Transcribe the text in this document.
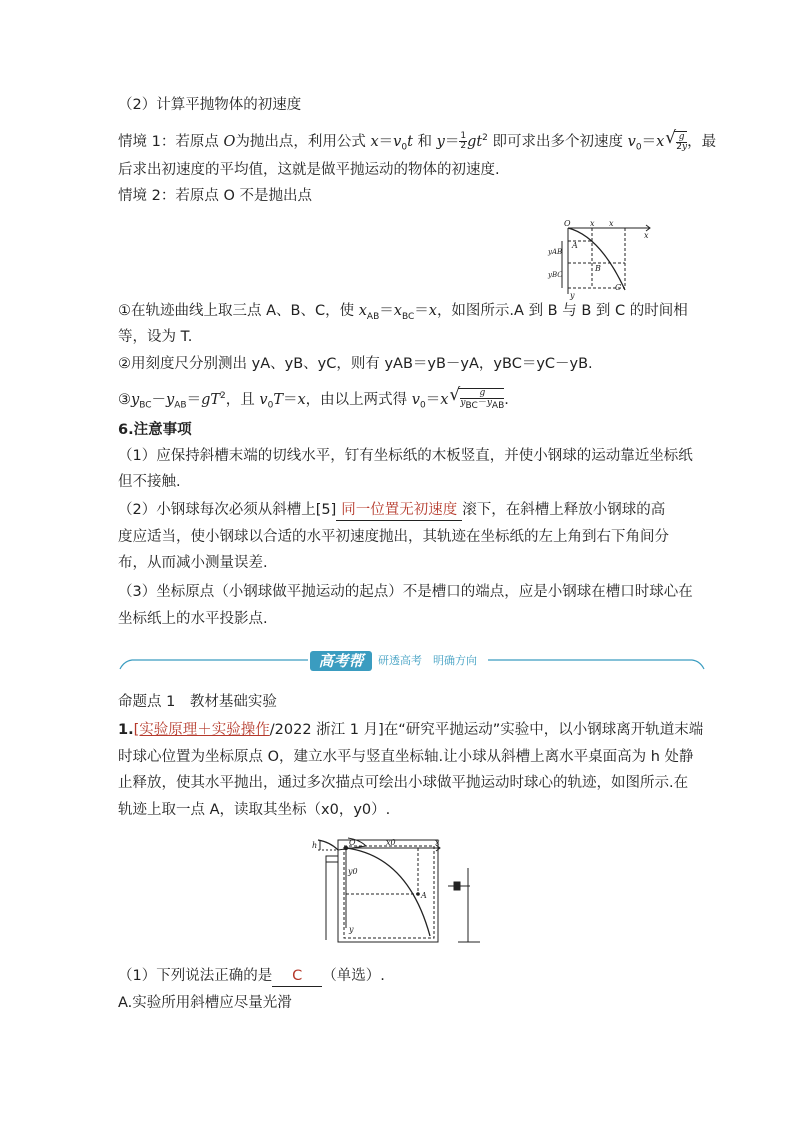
（2）计算平抛物体的初速度
情境 1：若原点 O为抛出点，利用公式 $x=v_0t$ 和 $y= \frac{1}{2} gt^2$ 即可求出多个初速度 $v_0=x$ √ $\frac{g}{2y}$ ，最
后求出初速度的平均值，这就是做平抛运动的物体的初速度.
情境 2：若原点 O 不是抛出点
O x x
x
y
yAB
yBC
A
B
C
①在轨迹曲线上取三点 A、B、C，使 $x_{AB}=x_{BC}=x$，如图所示.A 到 B 与 B 到 C 的时间相
等，设为 T.
②用刻度尺分别测出 yA、yB、yC，则有 yAB＝yB－yA，yBC＝yC－yB.
$③y_{BC}-y_{AB}=gT^2$，且 $v_0T=x$，由以上两式得 $v_0=x$ √ $\frac{g}{y_{BC}-y_{AB}}$ .
6.注意事项
（1）应保持斜槽末端的切线水平，钉有坐标纸的木板竖直，并使小钢球的运动靠近坐标纸
但不接触.
（2）小钢球每次必须从斜槽上[5] 同一位置无初速度 滚下，在斜槽上释放小钢球的高
度应适当，使小钢球以合适的水平初速度抛出，其轨迹在坐标纸的左上角到右下角间分
布，从而减小测量误差.
（3）坐标原点（小钢球做平抛运动的起点）不是槽口的端点，应是小钢球在槽口时球心在
坐标纸上的水平投影点.
高考帮	研透高考　明确方向
命题点 1　教材基础实验
1.[实验原理＋实验操作/2022 浙江 1 月]在“研究平抛运动”实验中，以小钢球离开轨道末端
时球心位置为坐标原点 O，建立水平与竖直坐标轴.让小球从斜槽上离水平桌面高为 h 处静
止释放，使其水平抛出，通过多次描点可绘出小球做平抛运动时球心的轨迹，如图所示.在
轨迹上取一点 A，读取其坐标（x0，y0）.
O
h	x0	x
y0
A
y
（1）下列说法正确的是 C （单选）.
A.实验所用斜槽应尽量光滑
